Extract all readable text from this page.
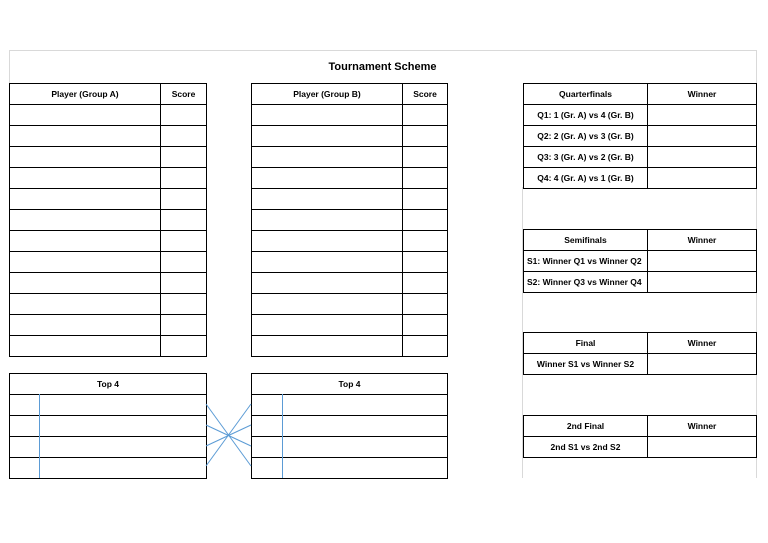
Tournament Scheme
Player (Group A)	Score

		Player (Group B)	Score

Top 4	

		Top 4	

Quarterfinals	Winner
Q1: 1 (Gr. A) vs 4 (Gr. B)	
Q2: 2 (Gr. A) vs 3 (Gr. B)	
Q3: 3 (Gr. A) vs 2 (Gr. B)	
Q4: 4 (Gr. A) vs 1 (Gr. B)	
Semifinals	Winner
S1: Winner Q1 vs Winner Q2	
S2: Winner Q3 vs Winner Q4	
Final	Winner
Winner S1 vs Winner S2	
2nd Final	Winner
2nd S1 vs 2nd S2	
